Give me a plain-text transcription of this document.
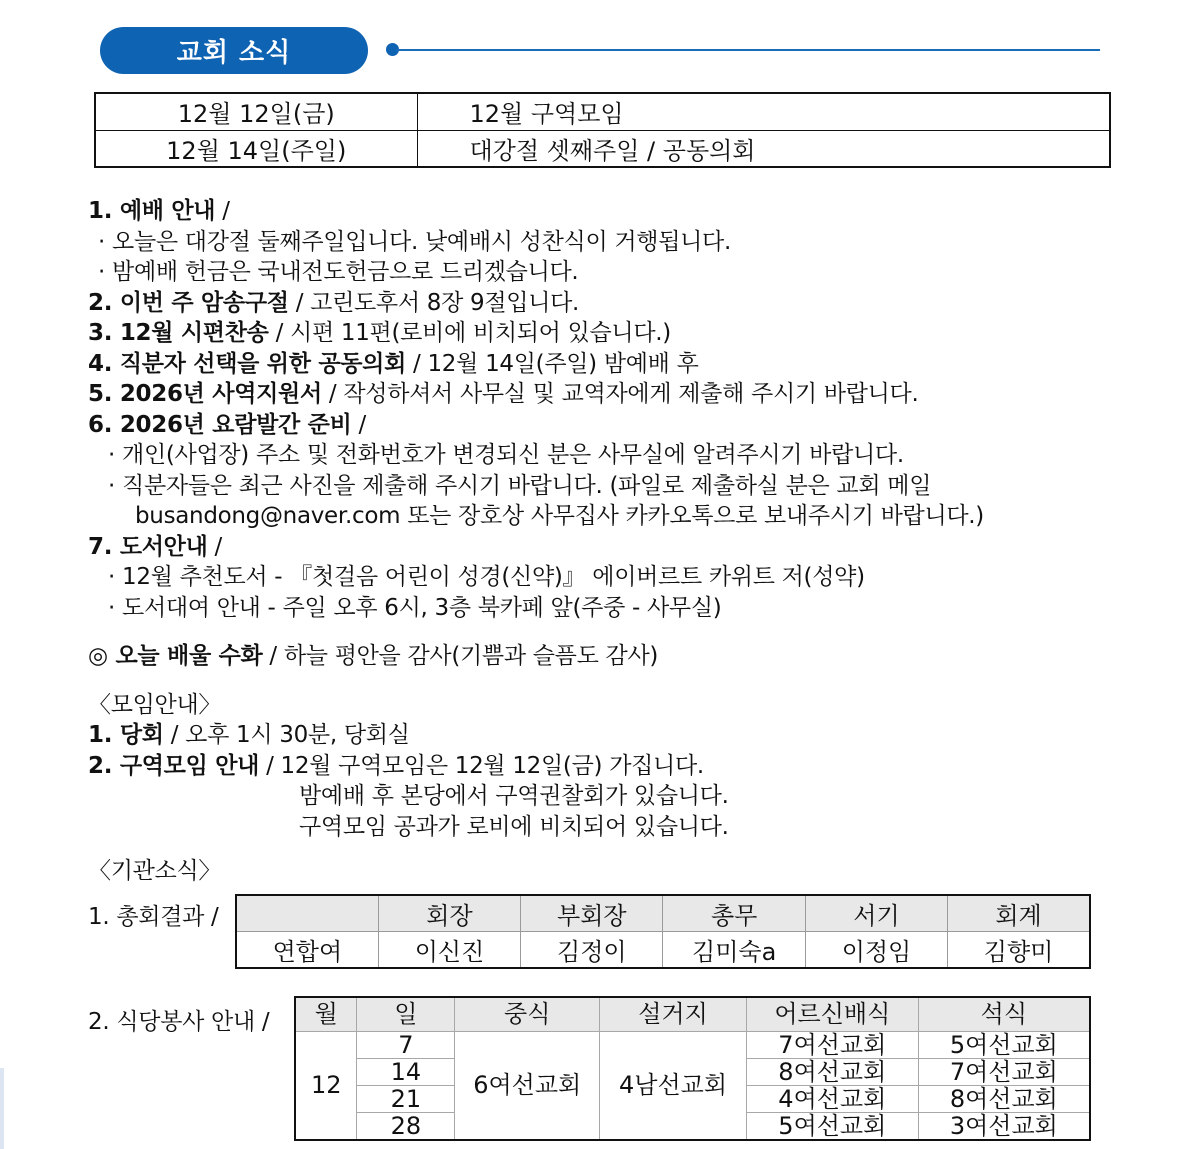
교회 소식
12월 12일(금)	12월 구역모임
12월 14일(주일)	대강절 셋째주일 / 공동의회
1. 예배 안내 /
· 오늘은 대강절 둘째주일입니다. 낮예배시 성찬식이 거행됩니다.
· 밤예배 헌금은 국내전도헌금으로 드리겠습니다.
2. 이번 주 암송구절 / 고린도후서 8장 9절입니다.
3. 12월 시편찬송 / 시편 11편(로비에 비치되어 있습니다.)
4. 직분자 선택을 위한 공동의회 / 12월 14일(주일) 밤예배 후
5. 2026년 사역지원서 / 작성하셔서 사무실 및 교역자에게 제출해 주시기 바랍니다.
6. 2026년 요람발간 준비 /
· 개인(사업장) 주소 및 전화번호가 변경되신 분은 사무실에 알려주시기 바랍니다.
· 직분자들은 최근 사진을 제출해 주시기 바랍니다. (파일로 제출하실 분은 교회 메일
busandong@naver.com 또는 장호상 사무집사 카카오톡으로 보내주시기 바랍니다.)
7. 도서안내 /
· 12월 추천도서 - 『첫걸음 어린이 성경(신약)』 에이버르트 카위트 저(성약)
· 도서대여 안내 - 주일 오후 6시, 3층 북카페 앞(주중 - 사무실)
◎ 오늘 배울 수화 / 하늘 평안을 감사(기쁨과 슬픔도 감사)
〈모임안내〉
1. 당회 / 오후 1시 30분, 당회실
2. 구역모임 안내 / 12월 구역모임은 12월 12일(금) 가집니다.
밤예배 후 본당에서 구역권찰회가 있습니다.
구역모임 공과가 로비에 비치되어 있습니다.
〈기관소식〉
1. 총회결과 /
		회장	부회장	총무	서기	회계
연합여	이신진	김정이	김미숙a	이정임	김향미
2. 식당봉사 안내 / 월	일	중식	설거지	어르신배식	석식
12	7	6여선교회	4남선교회	7여선교회	5여선교회
	14			8여선교회	7여선교회
	21			4여선교회	8여선교회
	28			5여선교회	3여선교회
